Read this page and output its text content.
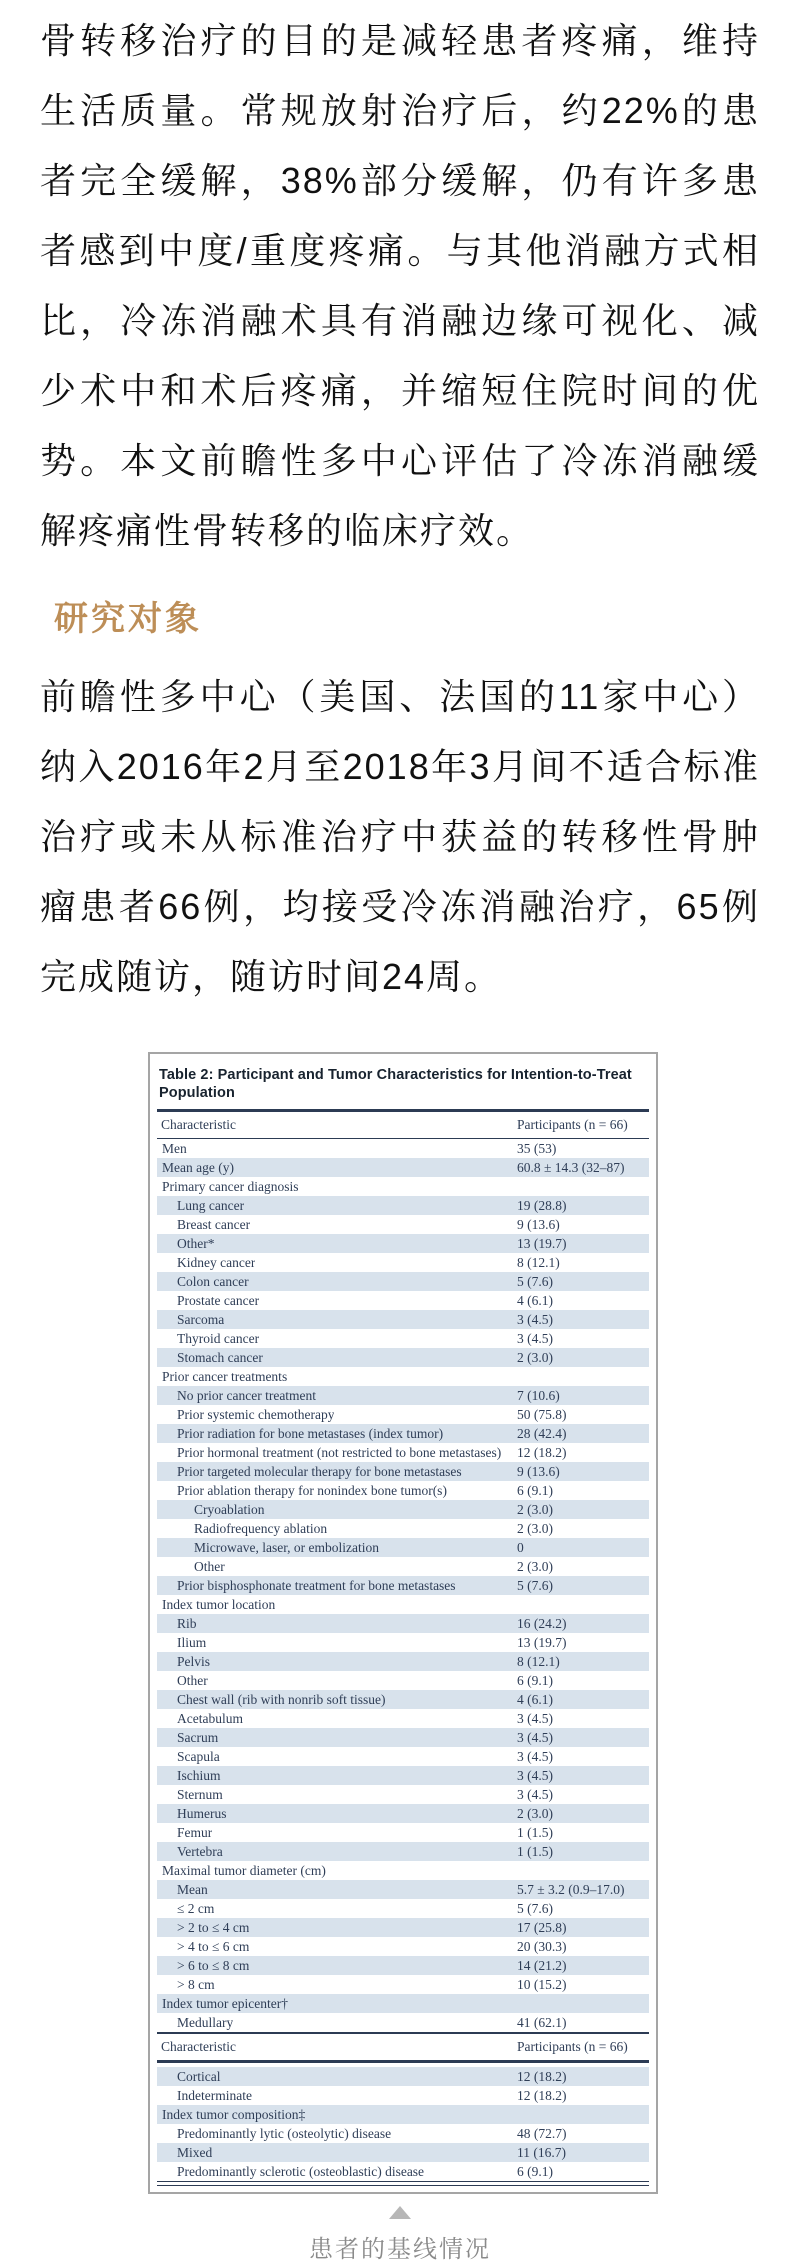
骨转移治疗的目的是减轻患者疼痛，维持生活质量。常规放射治疗后，约22%的患者完全缓解，38%部分缓解，仍有许多患者感到中度/重度疼痛。与其他消融方式相比，冷冻消融术具有消融边缘可视化、减少术中和术后疼痛，并缩短住院时间的优势。本文前瞻性多中心评估了冷冻消融缓解疼痛性骨转移的临床疗效。

研究对象

前瞻性多中心（美国、法国的11家中心）纳入2016年2月至2018年3月间不适合标准治疗或未从标准治疗中获益的转移性骨肿瘤患者66例，均接受冷冻消融治疗，65例完成随访，随访时间24周。

Table 2: Participant and Tumor Characteristics for Intention-to-Treat Population
Characteristic	Participants (n = 66)
Men	35 (53)
Mean age (y)	60.8 ± 14.3 (32–87)
Primary cancer diagnosis
Lung cancer	19 (28.8)
Breast cancer	9 (13.6)
Other*	13 (19.7)
Kidney cancer	8 (12.1)
Colon cancer	5 (7.6)
Prostate cancer	4 (6.1)
Sarcoma	3 (4.5)
Thyroid cancer	3 (4.5)
Stomach cancer	2 (3.0)
Prior cancer treatments
No prior cancer treatment	7 (10.6)
Prior systemic chemotherapy	50 (75.8)
Prior radiation for bone metastases (index tumor)	28 (42.4)
Prior hormonal treatment (not restricted to bone metastases) 12 (18.2)
Prior targeted molecular therapy for bone metastases	9 (13.6)
Prior ablation therapy for nonindex bone tumor(s)	6 (9.1)
Cryoablation	2 (3.0)
Radiofrequency ablation	2 (3.0)
Microwave, laser, or embolization	0
Other	2 (3.0)
Prior bisphosphonate treatment for bone metastases	5 (7.6)
Index tumor location
Rib	16 (24.2)
Ilium	13 (19.7)
Pelvis	8 (12.1)
Other	6 (9.1)
Chest wall (rib with nonrib soft tissue)	4 (6.1)
Acetabulum	3 (4.5)
Sacrum	3 (4.5)
Scapula	3 (4.5)
Ischium	3 (4.5)
Sternum	3 (4.5)
Humerus	2 (3.0)
Femur	1 (1.5)
Vertebra	1 (1.5)
Maximal tumor diameter (cm)
Mean	5.7 ± 3.2 (0.9–17.0)
≤ 2 cm	5 (7.6)
> 2 to ≤ 4 cm	17 (25.8)
> 4 to ≤ 6 cm	20 (30.3)
> 6 to ≤ 8 cm	14 (21.2)
> 8 cm	10 (15.2)
Index tumor epicenter†
Medullary	41 (62.1)
Characteristic	Participants (n = 66)
Cortical	12 (18.2)
Indeterminate	12 (18.2)
Index tumor composition‡
Predominantly lytic (osteolytic) disease	48 (72.7)
Mixed	11 (16.7)
Predominantly sclerotic (osteoblastic) disease	6 (9.1)
患者的基线情况
